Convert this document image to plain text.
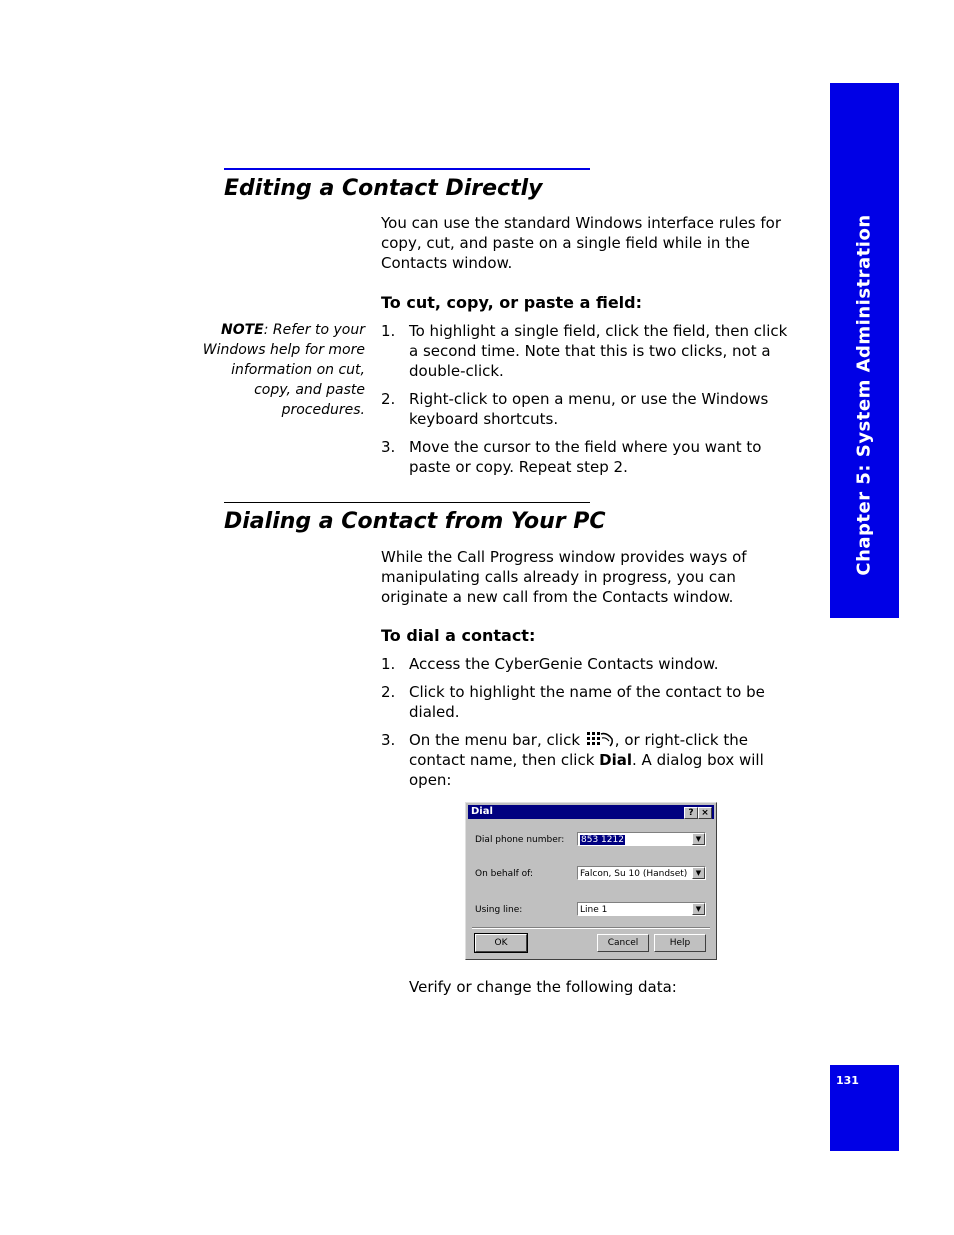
Chapter 5: System Administration
131
Editing a Contact Directly
You can use the standard Windows interface rules for copy, cut, and paste on a single field while in the Contacts window.
To cut, copy, or paste a field:
NOTE: Refer to your Windows help for more information on cut, copy, and paste procedures.
1. To highlight a single field, click the field, then click a second time. Note that this is two clicks, not a double-click.
2. Right-click to open a menu, or use the Windows keyboard shortcuts.
3. Move the cursor to the field where you want to paste or copy. Repeat step 2.
Dialing a Contact from Your PC
While the Call Progress window provides ways of manipulating calls already in progress, you can originate a new call from the Contacts window.
To dial a contact:
1. Access the CyberGenie Contacts window.
2. Click to highlight the name of the contact to be dialed.
3. On the menu bar, click , or right-click the contact name, then click Dial. A dialog box will open:
Dial	? ×
Dial phone number: 853 1212	▼
On behalf of:	Falcon, Su 10 (Handset)	▼
Using line:	Line 1	▼
OK	Cancel	Help
Verify or change the following data:
